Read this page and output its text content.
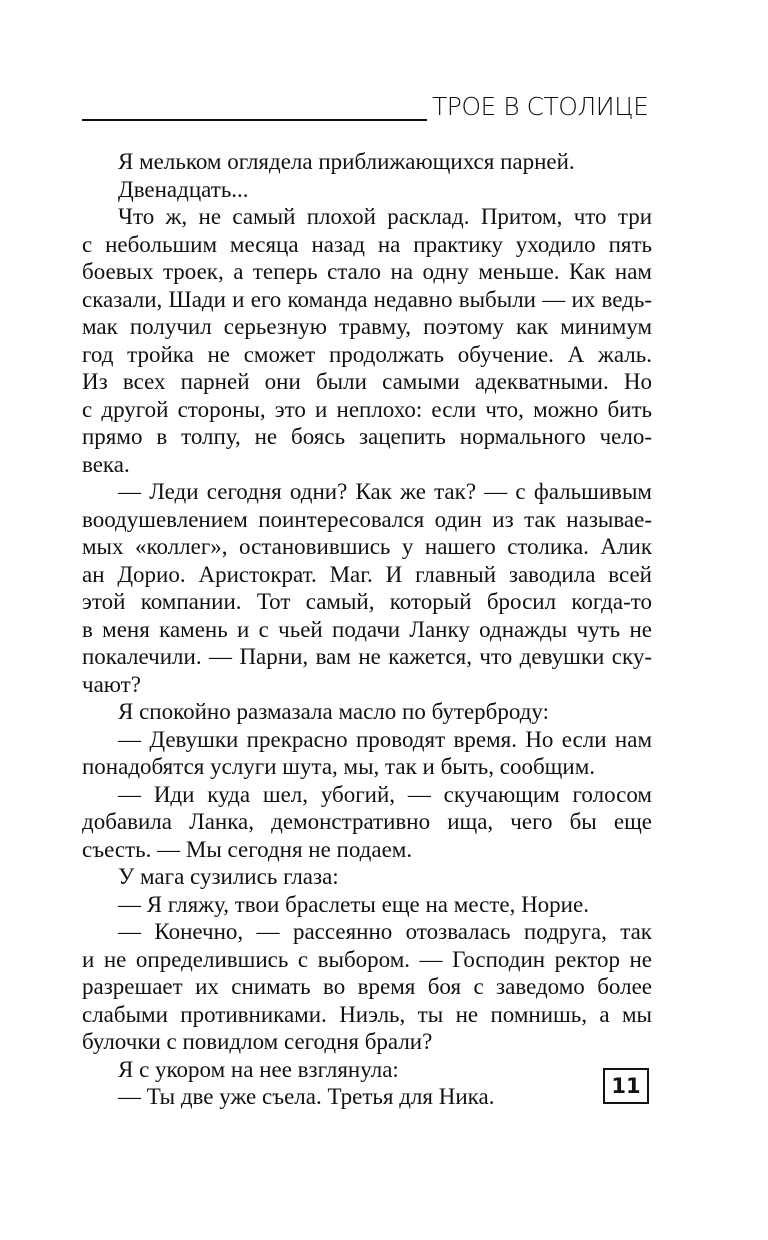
ТРОЕ В СТОЛИЦЕ
Я мельком оглядела приближающихся парней.
Двенадцать...
Что ж, не самый плохой расклад. Притом, что три
с небольшим месяца назад на практику уходило пять
боевых троек, а теперь стало на одну меньше. Как нам
сказали, Шади и его команда недавно выбыли — их ведь-
мак получил серьезную травму, поэтому как минимум
год тройка не сможет продолжать обучение. А жаль.
Из всех парней они были самыми адекватными. Но
с другой стороны, это и неплохо: если что, можно бить
прямо в толпу, не боясь зацепить нормального чело-
века.
— Леди сегодня одни? Как же так? — с фальшивым
воодушевлением поинтересовался один из так называе-
мых «коллег», остановившись у нашего столика. Алик
ан Дорио. Аристократ. Маг. И главный заводила всей
этой компании. Тот самый, который бросил когда-то
в меня камень и с чьей подачи Ланку однажды чуть не
покалечили. — Парни, вам не кажется, что девушки ску-
чают?
Я спокойно размазала масло по бутерброду:
— Девушки прекрасно проводят время. Но если нам
понадобятся услуги шута, мы, так и быть, сообщим.
— Иди куда шел, убогий, — скучающим голосом
добавила Ланка, демонстративно ища, чего бы еще
съесть. — Мы сегодня не подаем.
У мага сузились глаза:
— Я гляжу, твои браслеты еще на месте, Норие.
— Конечно, — рассеянно отозвалась подруга, так
и не определившись с выбором. — Господин ректор не
разрешает их снимать во время боя с заведомо более
слабыми противниками. Ниэль, ты не помнишь, а мы
булочки с повидлом сегодня брали?
Я с укором на нее взглянула:
— Ты две уже съела. Третья для Ника.	11
